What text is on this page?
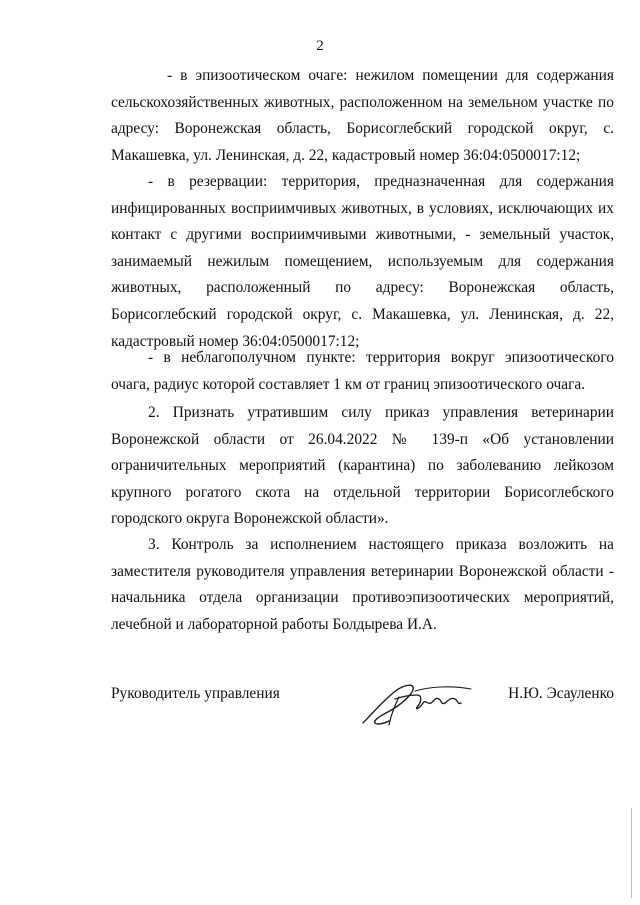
2
- в эпизоотическом очаге: нежилом помещении для содержания сельскохозяйственных животных, расположенном на земельном участке по адресу: Воронежская область, Борисоглебский городской округ, с. Макашевка, ул. Ленинская, д. 22, кадастровый номер 36:04:0500017:12;
- в резервации: территория, предназначенная для содержания инфицированных восприимчивых животных, в условиях, исключающих их контакт с другими восприимчивыми животными, - земельный участок, занимаемый нежилым помещением, используемым для содержания животных, расположенный по адресу: Воронежская область, Борисоглебский городской округ, с. Макашевка, ул. Ленинская, д. 22, кадастровый номер 36:04:0500017:12;
- в неблагополучном пункте: территория вокруг эпизоотического очага, радиус которой составляет 1 км от границ эпизоотического очага.
2. Признать утратившим силу приказ управления ветеринарии Воронежской области от 26.04.2022 № 139-п «Об установлении ограничительных мероприятий (карантина) по заболеванию лейкозом крупного рогатого скота на отдельной территории Борисоглебского городского округа Воронежской области».
3. Контроль за исполнением настоящего приказа возложить на заместителя руководителя управления ветеринарии Воронежской области - начальника отдела организации противоэпизоотических мероприятий, лечебной и лабораторной работы Болдырева И.А.
Руководитель управления	Н.Ю. Эсауленко
